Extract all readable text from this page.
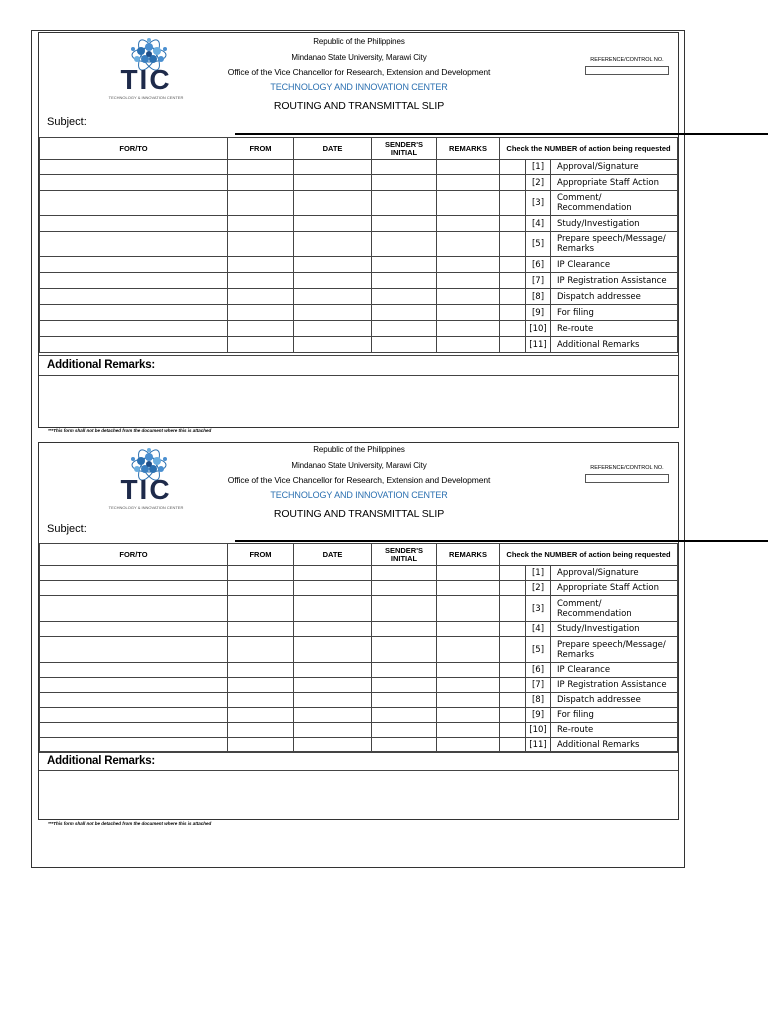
TIC
TECHNOLOGY & INNOVATION CENTER
Republic of the Philippines
Mindanao State University, Marawi City
Office of the Vice Chancellor for Research, Extension and Development
TECHNOLOGY AND INNOVATION CENTER
ROUTING AND TRANSMITTAL SLIP
REFERENCE/CONTROL NO.
Subject:
FOR/TO	FROM	DATE	SENDER'S
INITIAL	REMARKS	Check the NUMBER of action being requested		
						[1]	Approval/Signature
						[2]	Appropriate Staff Action
						[3]	Comment/
Recommendation
						[4]	Study/Investigation
						[5]	Prepare speech/Message/
Remarks
						[6]	IP Clearance
						[7]	IP Registration Assistance
						[8]	Dispatch addressee
						[9]	For filing
						[10]	Re-route
						[11]	Additional Remarks
Additional Remarks:
***This form shall not be detached from the document where this is attached
TIC
TECHNOLOGY & INNOVATION CENTER
Republic of the Philippines
Mindanao State University, Marawi City
Office of the Vice Chancellor for Research, Extension and Development
TECHNOLOGY AND INNOVATION CENTER
ROUTING AND TRANSMITTAL SLIP
REFERENCE/CONTROL NO.
Subject:
FOR/TO	FROM	DATE	SENDER'S
INITIAL	REMARKS	Check the NUMBER of action being requested		
						[1]	Approval/Signature
						[2]	Appropriate Staff Action
						[3]	Comment/
Recommendation
						[4]	Study/Investigation
						[5]	Prepare speech/Message/
Remarks
						[6]	IP Clearance
						[7]	IP Registration Assistance
						[8]	Dispatch addressee
						[9]	For filing
						[10]	Re-route
						[11]	Additional Remarks
Additional Remarks:
***This form shall not be detached from the document where this is attached
